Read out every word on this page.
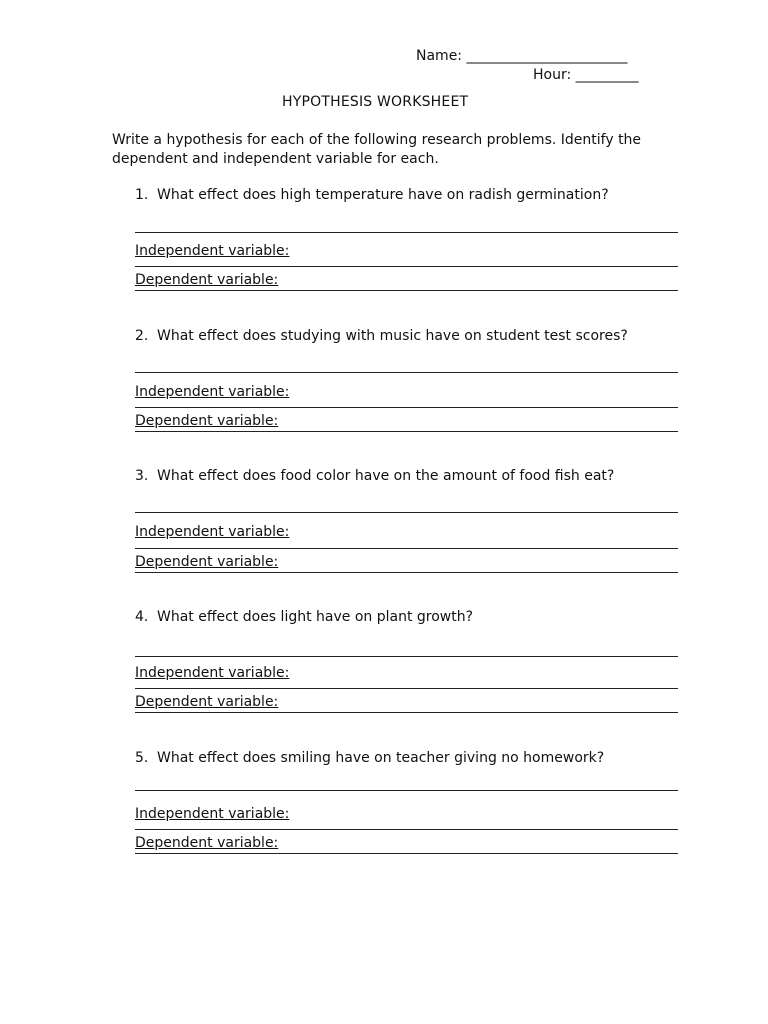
Name: _______________________
Hour: _________
HYPOTHESIS WORKSHEET
Write a hypothesis for each of the following research problems. Identify the dependent and independent variable for each.
1. What effect does high temperature have on radish germination?
Independent variable:
Dependent variable:
2. What effect does studying with music have on student test scores?
Independent variable:
Dependent variable:
3. What effect does food color have on the amount of food fish eat?
Independent variable:
Dependent variable:
4. What effect does light have on plant growth?
Independent variable:
Dependent variable:
5. What effect does smiling have on teacher giving no homework?
Independent variable:
Dependent variable:
